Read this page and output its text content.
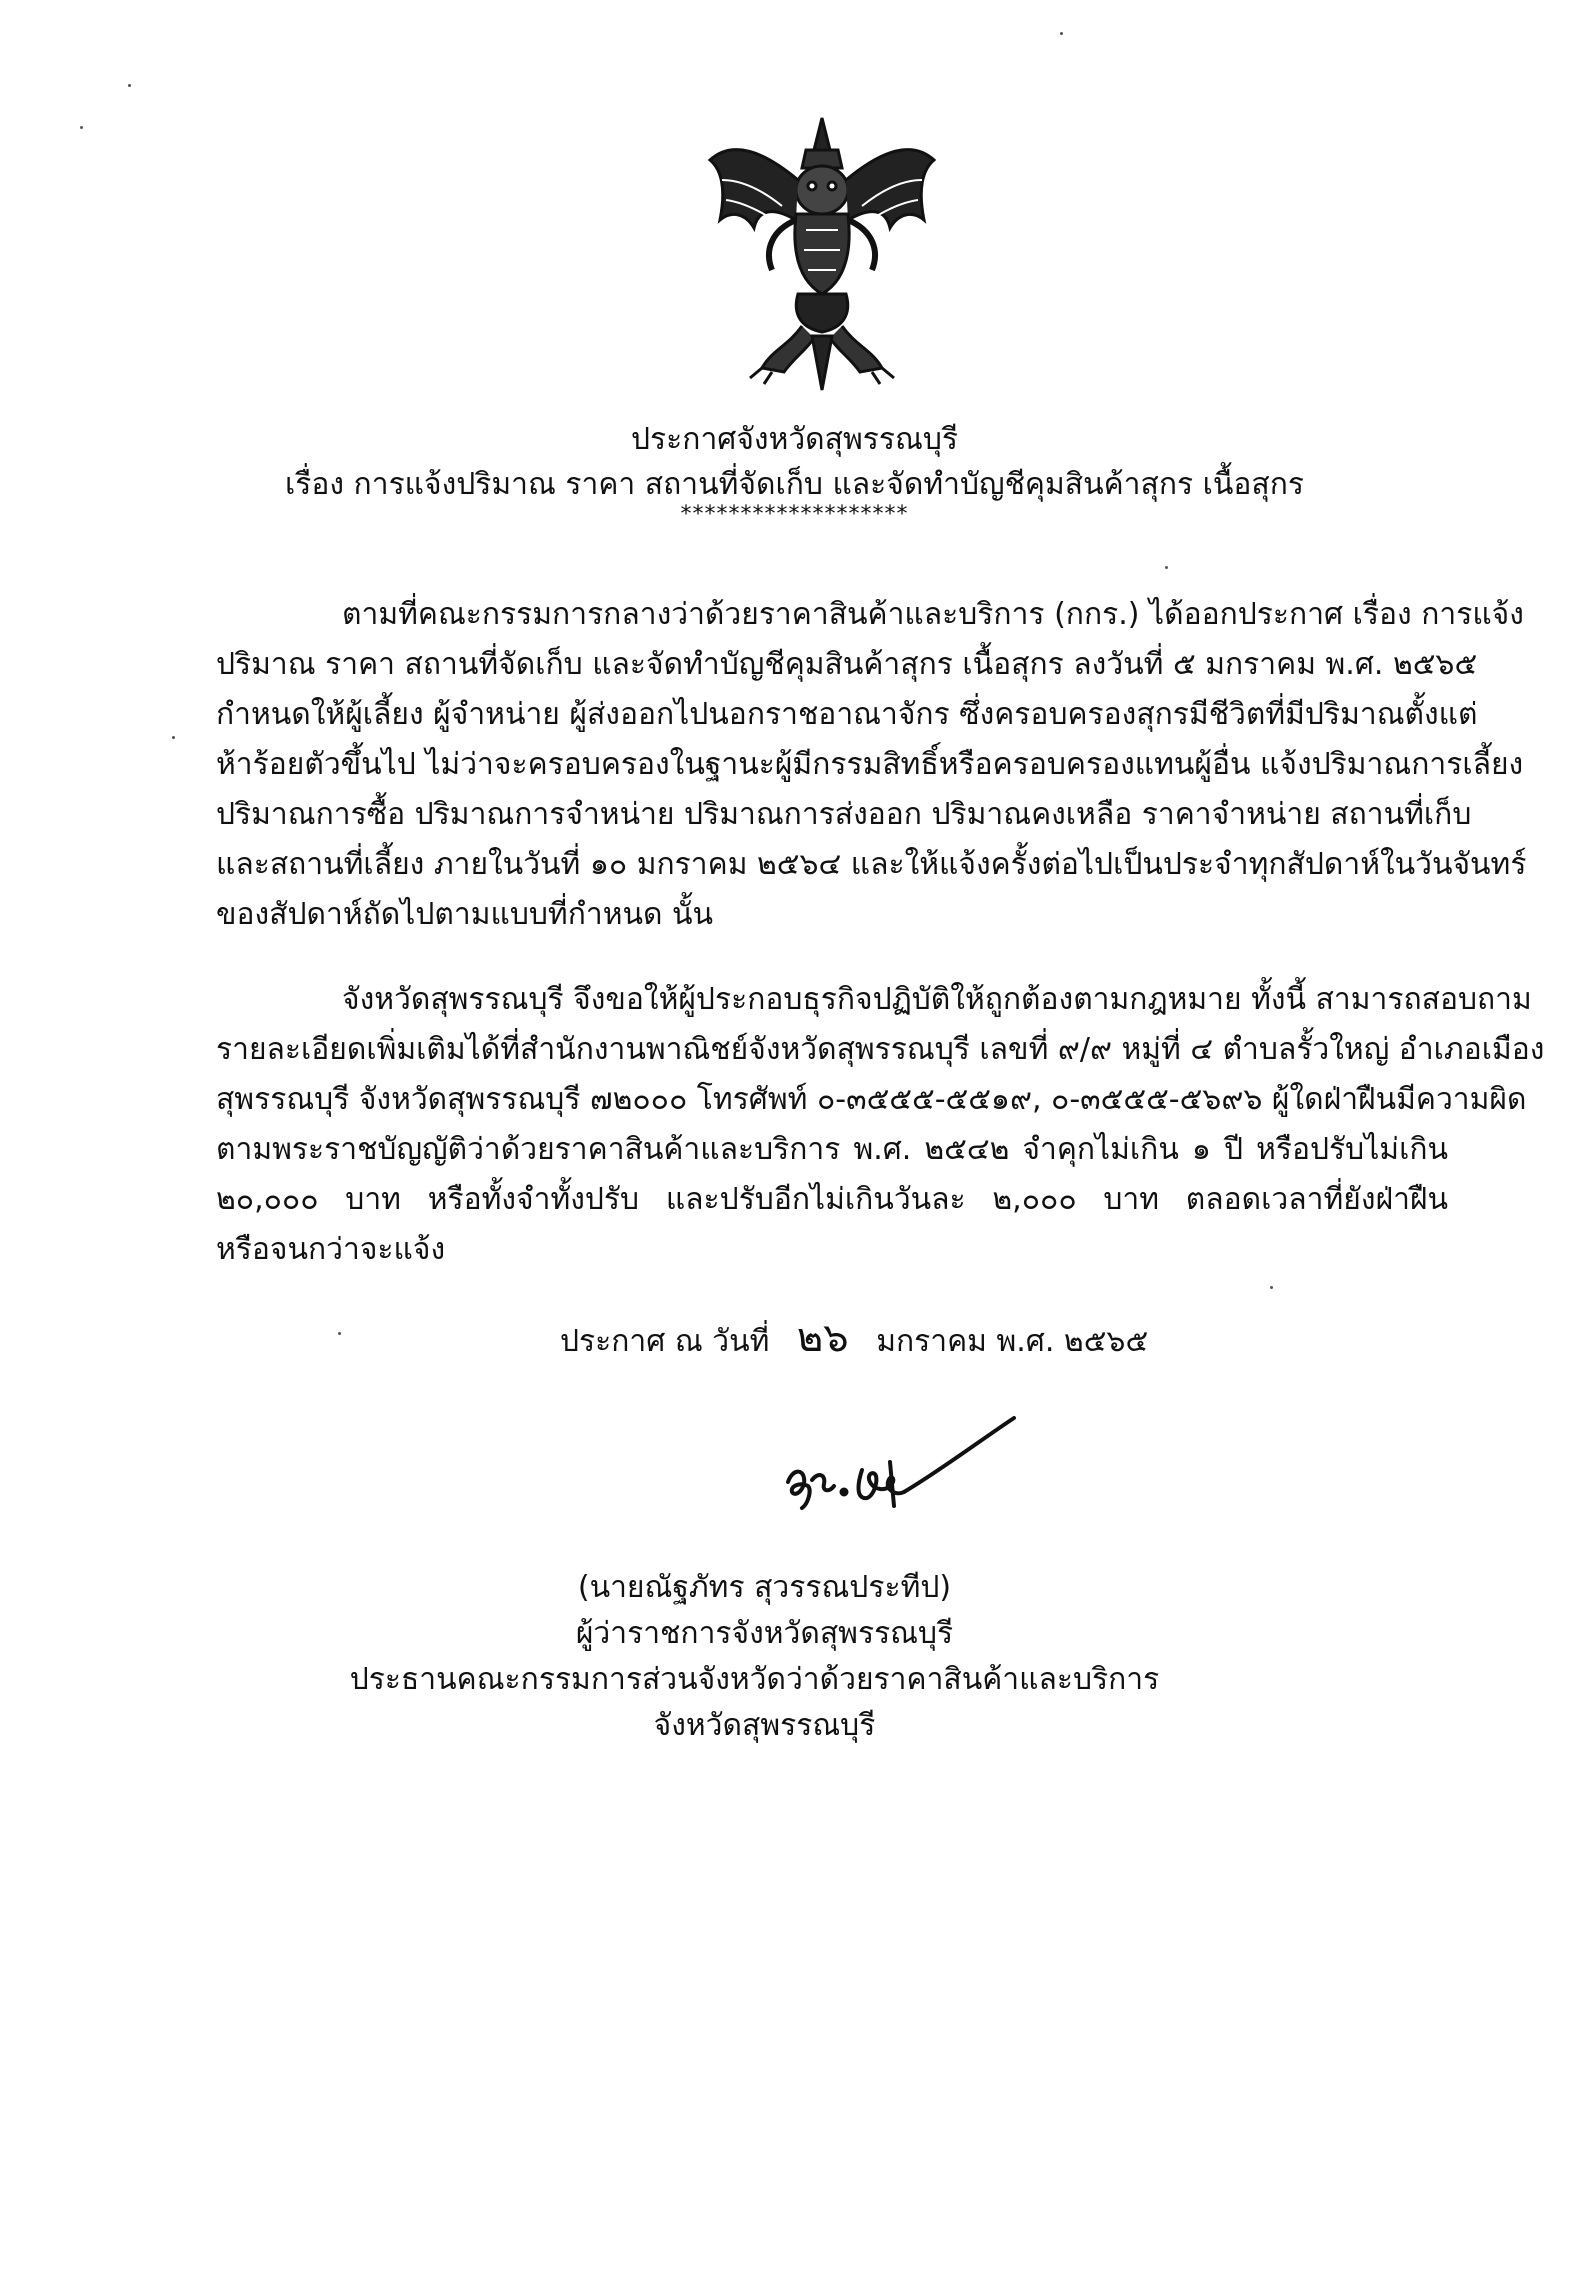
ประกาศจังหวัดสุพรรณบุรี
เรื่อง การแจ้งปริมาณ ราคา สถานที่จัดเก็บ และจัดทำบัญชีคุมสินค้าสุกร เนื้อสุกร
*******************
ตามที่คณะกรรมการกลางว่าด้วยราคาสินค้าและบริการ (กกร.) ได้ออกประกาศ เรื่อง การแจ้ง
ปริมาณ ราคา สถานที่จัดเก็บ และจัดทำบัญชีคุมสินค้าสุกร เนื้อสุกร ลงวันที่ ๕ มกราคม พ.ศ. ๒๕๖๕
กำหนดให้ผู้เลี้ยง ผู้จำหน่าย ผู้ส่งออกไปนอกราชอาณาจักร ซึ่งครอบครองสุกรมีชีวิตที่มีปริมาณตั้งแต่
ห้าร้อยตัวขึ้นไป ไม่ว่าจะครอบครองในฐานะผู้มีกรรมสิทธิ์หรือครอบครองแทนผู้อื่น แจ้งปริมาณการเลี้ยง
ปริมาณการซื้อ ปริมาณการจำหน่าย ปริมาณการส่งออก ปริมาณคงเหลือ ราคาจำหน่าย สถานที่เก็บ
และสถานที่เลี้ยง ภายในวันที่ ๑๐ มกราคม ๒๕๖๔ และให้แจ้งครั้งต่อไปเป็นประจำทุกสัปดาห์ในวันจันทร์
ของสัปดาห์ถัดไปตามแบบที่กำหนด นั้น
จังหวัดสุพรรณบุรี จึงขอให้ผู้ประกอบธุรกิจปฏิบัติให้ถูกต้องตามกฎหมาย ทั้งนี้ สามารถสอบถาม
รายละเอียดเพิ่มเติมได้ที่สำนักงานพาณิชย์จังหวัดสุพรรณบุรี เลขที่ ๙/๙ หมู่ที่ ๔ ตำบลรั้วใหญ่ อำเภอเมือง
สุพรรณบุรี จังหวัดสุพรรณบุรี ๗๒๐๐๐ โทรศัพท์ ๐-๓๕๕๕-๕๕๑๙, ๐-๓๕๕๕-๕๖๙๖ ผู้ใดฝ่าฝืนมีความผิด
ตามพระราชบัญญัติว่าด้วยราคาสินค้าและบริการ พ.ศ. ๒๕๔๒ จำคุกไม่เกิน ๑ ปี หรือปรับไม่เกิน
๒๐,๐๐๐ บาท หรือทั้งจำทั้งปรับ และปรับอีกไม่เกินวันละ ๒,๐๐๐ บาท ตลอดเวลาที่ยังฝ่าฝืน
หรือจนกว่าจะแจ้ง
ประกาศ ณ วันที่ ๒๖ มกราคม พ.ศ. ๒๕๖๕
(นายณัฐภัทร สุวรรณประทีป)
ผู้ว่าราชการจังหวัดสุพรรณบุรี
ประธานคณะกรรมการส่วนจังหวัดว่าด้วยราคาสินค้าและบริการ
จังหวัดสุพรรณบุรี
